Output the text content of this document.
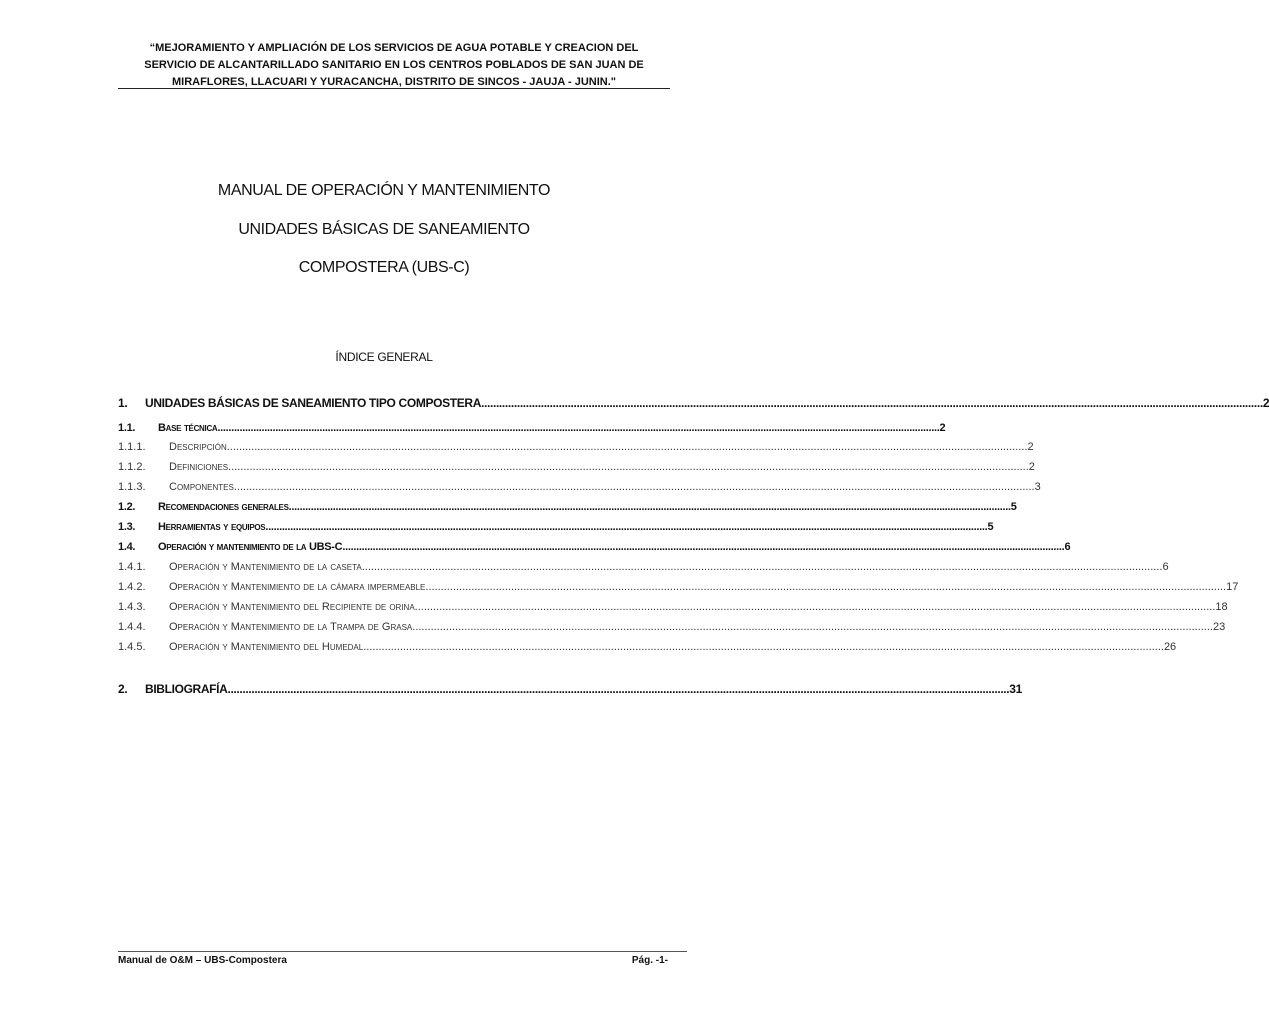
“MEJORAMIENTO Y AMPLIACIÓN DE LOS SERVICIOS DE AGUA POTABLE Y CREACION DEL
SERVICIO DE ALCANTARILLADO SANITARIO EN LOS CENTROS POBLADOS DE SAN JUAN DE
MIRAFLORES, LLACUARI Y YURACANCHA, DISTRITO DE SINCOS - JAUJA - JUNIN."
MANUAL DE OPERACIÓN Y MANTENIMIENTO
UNIDADES BÁSICAS DE SANEAMIENTO
COMPOSTERA (UBS-C)
ÍNDICE GENERAL
1.	UNIDADES BÁSICAS DE SANEAMIENTO TIPO COMPOSTERA .....	2
1.1.	Base técnica .....	2
1.1.1.	Descripción .....	2
1.1.2.	Definiciones .....	2
1.1.3.	Componentes .....	3
1.2.	Recomendaciones generales .....	5
1.3.	Herramientas y equipos .....	5
1.4.	Operación y mantenimiento de la UBS-C .....	6
1.4.1.	Operación y Mantenimiento de la caseta .....	6
1.4.2.	Operación y Mantenimiento de la cámara impermeable .....	17
1.4.3.	Operación y Mantenimiento del Recipiente de orina .....	18
1.4.4.	Operación y Mantenimiento de la Trampa de Grasa .....	23
1.4.5.	Operación y Mantenimiento del Humedal .....	26
2.	BIBLIOGRAFÍA .....	31
Manual de O&M – UBS-Compostera	Pág. -1-
